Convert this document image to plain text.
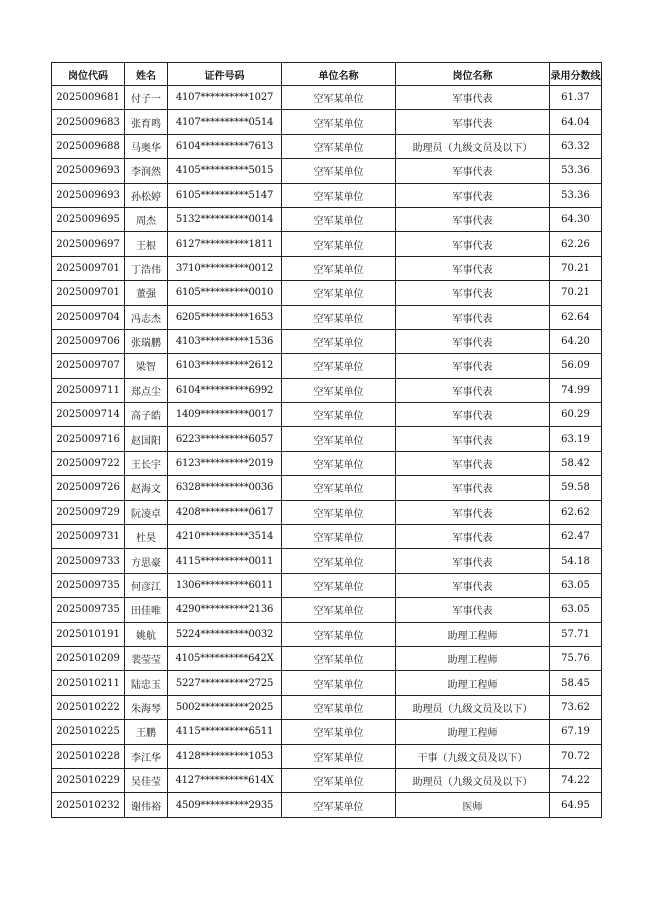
岗位代码	姓名	证件号码	单位名称	岗位名称	录用分数线
2025009681	付子一	4107**********1027	空军某单位	军事代表	61.37
2025009683	张育鸣	4107**********0514	空军某单位	军事代表	64.04
2025009688	马奥华	6104**********7613	空军某单位	助理员（九级文员及以下）	63.32
2025009693	李润然	4105**********5015	空军某单位	军事代表	53.36
2025009693	孙松婷	6105**********5147	空军某单位	军事代表	53.36
2025009695	周杰	5132**********0014	空军某单位	军事代表	64.30
2025009697	王根	6127**********1811	空军某单位	军事代表	62.26
2025009701	丁浩伟	3710**********0012	空军某单位	军事代表	70.21
2025009701	董强	6105**********0010	空军某单位	军事代表	70.21
2025009704	冯志杰	6205**********1653	空军某单位	军事代表	62.64
2025009706	张瑞鹏	4103**********1536	空军某单位	军事代表	64.20
2025009707	梁智	6103**********2612	空军某单位	军事代表	56.09
2025009711	郑点尘	6104**********6992	空军某单位	军事代表	74.99
2025009714	高子皓	1409**********0017	空军某单位	军事代表	60.29
2025009716	赵国阳	6223**********6057	空军某单位	军事代表	63.19
2025009722	王长宇	6123**********2019	空军某单位	军事代表	58.42
2025009726	赵海文	6328**********0036	空军某单位	军事代表	59.58
2025009729	阮凌卓	4208**********0617	空军某单位	军事代表	62.62
2025009731	杜昊	4210**********3514	空军某单位	军事代表	62.47
2025009733	方思豪	4115**********0011	空军某单位	军事代表	54.18
2025009735	何彦江	1306**********6011	空军某单位	军事代表	63.05
2025009735	田佳唯	4290**********2136	空军某单位	军事代表	63.05
2025010191	姚航	5224**********0032	空军某单位	助理工程师	57.71
2025010209	裴莹莹	4105**********642X	空军某单位	助理工程师	75.76
2025010211	陆忠玉	5227**********2725	空军某单位	助理工程师	58.45
2025010222	朱海琴	5002**********2025	空军某单位	助理员（九级文员及以下）	73.62
2025010225	王鹏	4115**********6511	空军某单位	助理工程师	67.19
2025010228	李江华	4128**********1053	空军某单位	干事（九级文员及以下）	70.72
2025010229	吴佳莹	4127**********614X	空军某单位	助理员（九级文员及以下）	74.22
2025010232	谢伟裕	4509**********2935	空军某单位	医师	64.95
